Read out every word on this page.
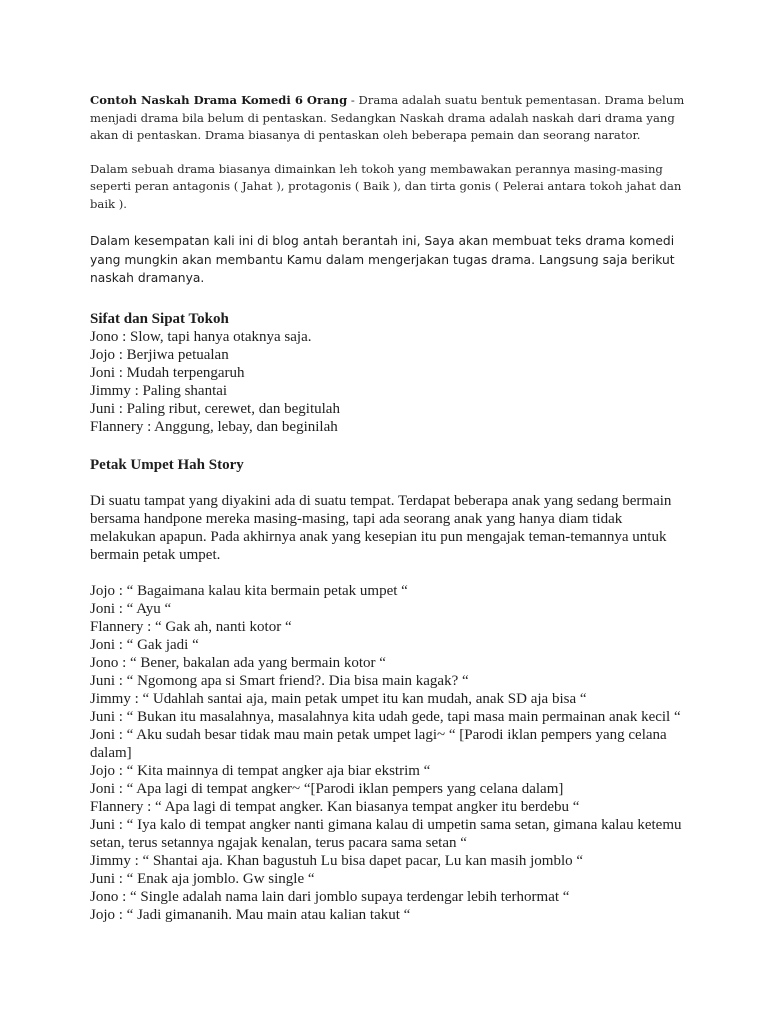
Contoh Naskah Drama Komedi 6 Orang - Drama adalah suatu bentuk pementasan. Drama belum menjadi drama bila belum di pentaskan. Sedangkan Naskah drama adalah naskah dari drama yang akan di pentaskan. Drama biasanya di pentaskan oleh beberapa pemain dan seorang narator.

Dalam sebuah drama biasanya dimainkan leh tokoh yang membawakan perannya masing-masing seperti peran antagonis ( Jahat ), protagonis ( Baik ), dan tirta gonis ( Pelerai antara tokoh jahat dan baik ).

Dalam kesempatan kali ini di blog antah berantah ini, Saya akan membuat teks drama komedi yang mungkin akan membantu Kamu dalam mengerjakan tugas drama. Langsung saja berikut naskah dramanya.

Sifat dan Sipat Tokoh
Jono : Slow, tapi hanya otaknya saja.
Jojo : Berjiwa petualan
Joni : Mudah terpengaruh
Jimmy : Paling shantai
Juni : Paling ribut, cerewet, dan begitulah
Flannery : Anggung, lebay, dan beginilah
Petak Umpet Hah Story

Di suatu tampat yang diyakini ada di suatu tempat. Terdapat beberapa anak yang sedang bermain bersama handpone mereka masing-masing, tapi ada seorang anak yang hanya diam tidak melakukan apapun. Pada akhirnya anak yang kesepian itu pun mengajak teman-temannya untuk bermain petak umpet.

Jojo : “ Bagaimana kalau kita bermain petak umpet “
Joni : “ Ayu “
Flannery : “ Gak ah, nanti kotor “
Joni : “ Gak jadi “
Jono : “ Bener, bakalan ada yang bermain kotor “
Juni : “ Ngomong apa si Smart friend?. Dia bisa main kagak? “
Jimmy : “ Udahlah santai aja, main petak umpet itu kan mudah, anak SD aja bisa “
Juni : “ Bukan itu masalahnya, masalahnya kita udah gede, tapi masa main permainan anak kecil “
Joni : “ Aku sudah besar tidak mau main petak umpet lagi~ “ [Parodi iklan pempers yang celana dalam]
Jojo : “ Kita mainnya di tempat angker aja biar ekstrim “
Joni : “ Apa lagi di tempat angker~ “[Parodi iklan pempers yang celana dalam]
Flannery : “ Apa lagi di tempat angker. Kan biasanya tempat angker itu berdebu “
Juni : “ Iya kalo di tempat angker nanti gimana kalau di umpetin sama setan, gimana kalau ketemu setan, terus setannya ngajak kenalan, terus pacara sama setan “
Jimmy : “ Shantai aja. Khan bagustuh Lu bisa dapet pacar, Lu kan masih jomblo “
Juni : “ Enak aja jomblo. Gw single “
Jono : “ Single adalah nama lain dari jomblo supaya terdengar lebih terhormat “
Jojo : “ Jadi gimananih. Mau main atau kalian takut “
